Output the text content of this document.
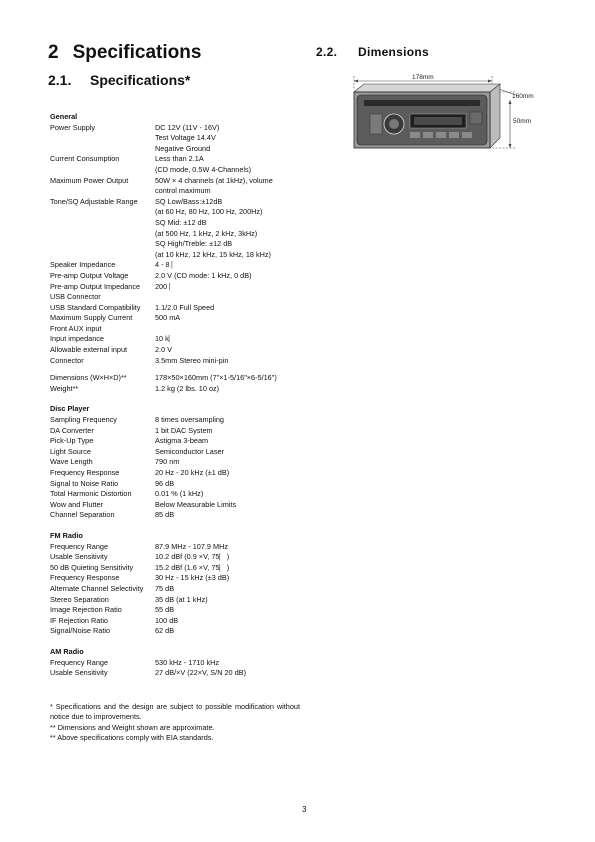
2 Specifications
2.1. Specifications*
2.2. Dimensions
178mm
160mm
50mm
General
Power Supply	DC 12V (11V - 16V)
Test Voltage 14.4V
Negative Ground
Current Consumption	Less than 2.1A
(CD mode, 0.5W 4-Channels)
Maximum Power Output	50W × 4 channels (at 1kHz), volume
control maximum
Tone/SQ Adjustable Range	SQ Low/Bass:±12dB
(at 60 Hz, 80 Hz, 100 Hz, 200Hz)
SQ Mid: ±12 dB
(at 500 Hz, 1 kHz, 2 kHz, 3kHz)
SQ High/Treble: ±12 dB
(at 10 kHz, 12 kHz, 15 kHz, 18 kHz)
Speaker Impedance	4 - 8 ⎸
Pre-amp Output Voltage	2.0 V (CD mode: 1 kHz, 0 dB)
Pre-amp Output Impedance	200 ⎸
USB Connector
USB Standard Compatibility	1.1/2.0 Full Speed
Maximum Supply Current	500 mA
Front AUX input
Input impedance	10 k⎸
Allowable external input	2.0 V
Connector	3.5mm Stereo mini-pin
Dimensions (W×H×D)**	178×50×160mm (7"×1-5/16"×6-5/16")
Weight**	1.2 kg (2 lbs. 10 oz)
Disc Player
Sampling Frequency	8 times oversampling
DA Converter	1 bit DAC System
Pick-Up Type	Astigma 3-beam
Light Source	Semiconductor Laser
Wave Length	790 nm
Frequency Response	20 Hz - 20 kHz (±1 dB)
Signal to Noise Ratio	96 dB
Total Harmonic Distortion	0.01 % (1 kHz)
Wow and Flutter	Below Measurable Limits
Channel Separation	85 dB
FM Radio
Frequency Range	87.9 MHz - 107.9 MHz
Usable Sensitivity	10.2 dBf (0.9 ×V, 75⎸)
50 dB Quieting Sensitivity	15.2 dBf (1.6 ×V, 75⎸)
Frequency Response	30 Hz - 15 kHz (±3 dB)
Alternate Channel Selectivity	75 dB
Stereo Separation	35 dB (at 1 kHz)
Image Rejection Ratio	55 dB
IF Rejection Ratio	100 dB
Signal/Noise Ratio	62 dB
AM Radio
Frequency Range	530 kHz - 1710 kHz
Usable Sensitivity	27 dB/×V (22×V, S/N 20 dB)
* Specifications and the design are subject to possible modification without notice due to improvements.
** Dimensions and Weight shown are approximate.
** Above specifications comply with EIA standards.
3
